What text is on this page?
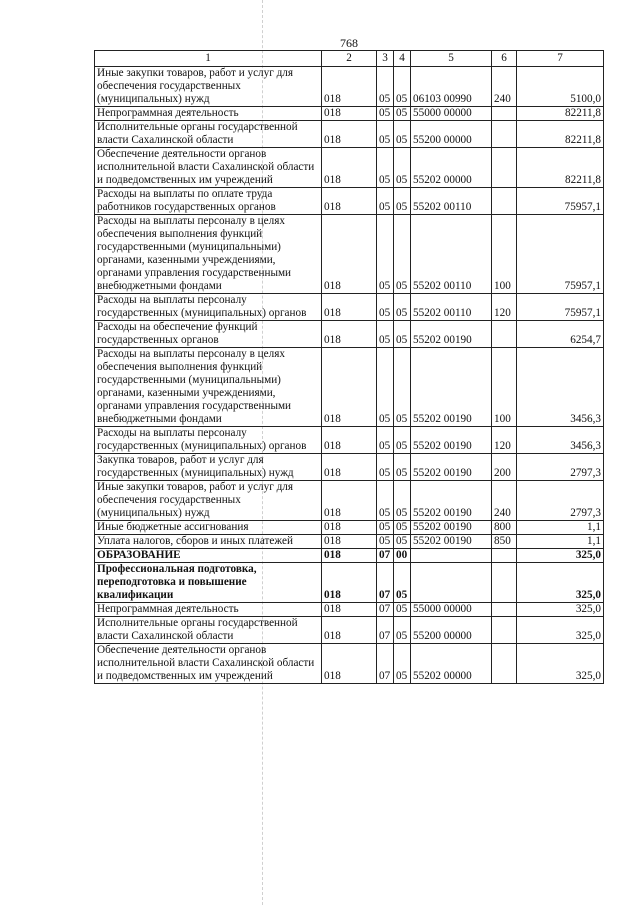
768
1	2	3	4	5	6	7
Иные закупки товаров, работ и услуг для обеспечения государственных (муниципальных) нужд	018	05	05	06103 00990	240	5100,0
Непрограммная деятельность	018	05	05	55000 00000		82211,8
Исполнительные органы государственной власти Сахалинской области	018	05	05	55200 00000		82211,8
Обеспечение деятельности органов исполнительной власти Сахалинской области и подведомственных им учреждений	018	05	05	55202 00000		82211,8
Расходы на выплаты по оплате труда работников государственных органов	018	05	05	55202 00110		75957,1
Расходы на выплаты персоналу в целях обеспечения выполнения функций государственными (муниципальными) органами, казенными учреждениями, органами управления государственными внебюджетными фондами	018	05	05	55202 00110	100	75957,1
Расходы на выплаты персоналу государственных (муниципальных) органов	018	05	05	55202 00110	120	75957,1
Расходы на обеспечение функций государственных органов	018	05	05	55202 00190		6254,7
Расходы на выплаты персоналу в целях обеспечения выполнения функций государственными (муниципальными) органами, казенными учреждениями, органами управления государственными внебюджетными фондами	018	05	05	55202 00190	100	3456,3
Расходы на выплаты персоналу государственных (муниципальных) органов	018	05	05	55202 00190	120	3456,3
Закупка товаров, работ и услуг для государственных (муниципальных) нужд	018	05	05	55202 00190	200	2797,3
Иные закупки товаров, работ и услуг для обеспечения государственных (муниципальных) нужд	018	05	05	55202 00190	240	2797,3
Иные бюджетные ассигнования	018	05	05	55202 00190	800	1,1
Уплата налогов, сборов и иных платежей	018	05	05	55202 00190	850	1,1
ОБРАЗОВАНИЕ	018	07	00			325,0
Профессиональная подготовка, переподготовка и повышение квалификации	018	07	05			325,0
Непрограммная деятельность	018	07	05	55000 00000		325,0
Исполнительные органы государственной власти Сахалинской области	018	07	05	55200 00000		325,0
Обеспечение деятельности органов исполнительной власти Сахалинской области и подведомственных им учреждений	018	07	05	55202 00000		325,0
